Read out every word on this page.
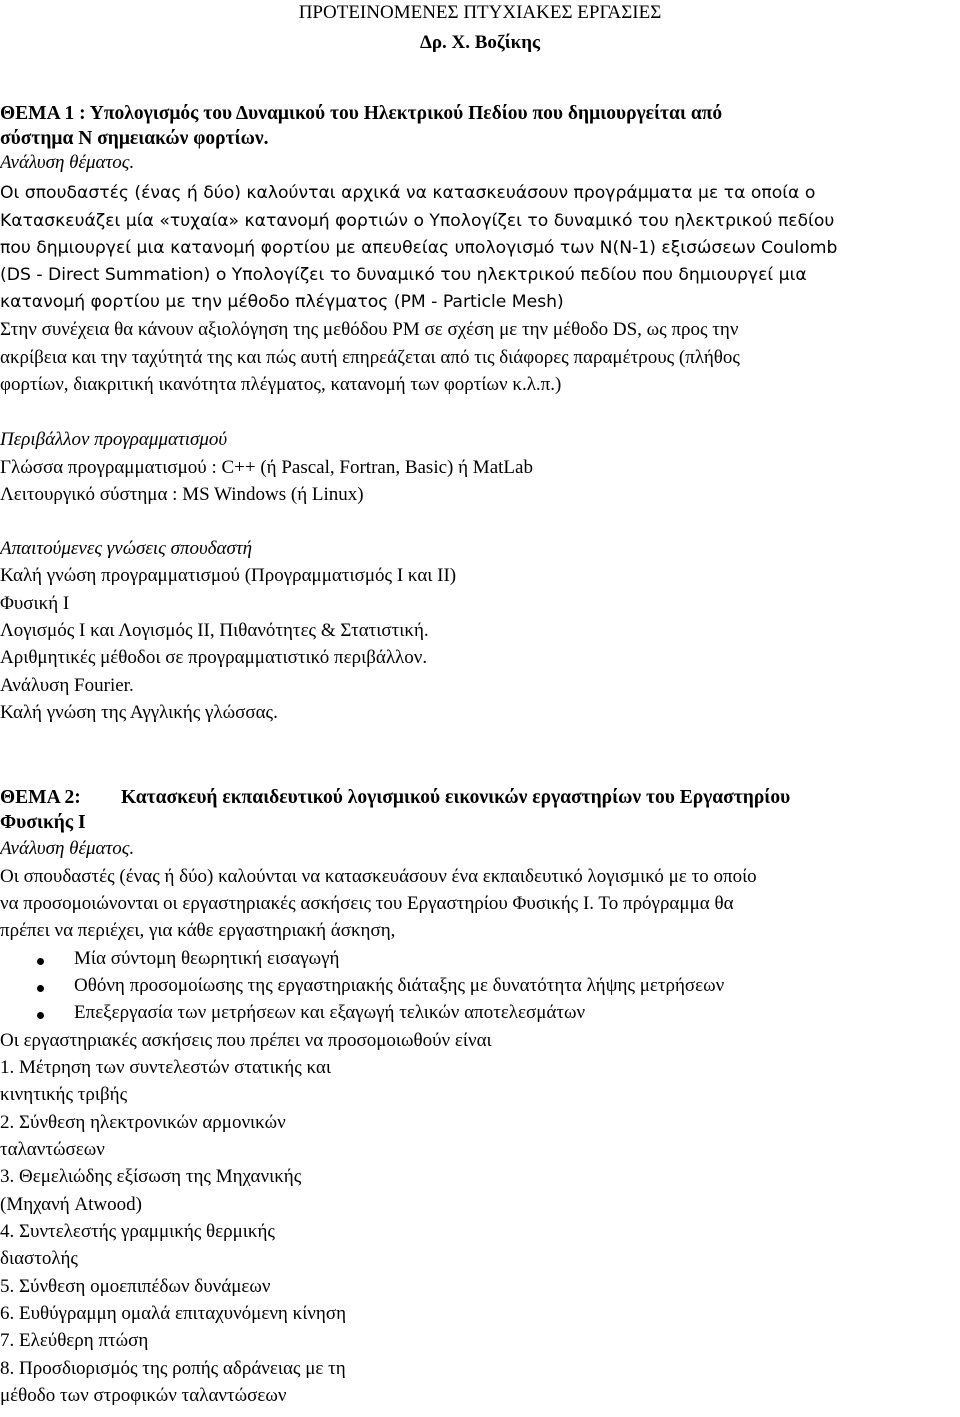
ΠΡΟΤΕΙΝΟΜΕΝΕΣ ΠΤΥΧΙΑΚΕΣ ΕΡΓΑΣΙΕΣ
Δρ. Χ. Βοζίκης
ΘΕΜΑ 1 : Υπολογισμός του Δυναμικού του Ηλεκτρικού Πεδίου που δημιουργείται από
σύστημα Ν σημειακών φορτίων.
Ανάλυση θέματος.
Οι σπουδαστές (ένας ή δύο) καλούνται αρχικά να κατασκευάσουν προγράμματα με τα οποία ο
Κατασκευάζει μία «τυχαία» κατανομή φορτιών ο Υπολογίζει το δυναμικό του ηλεκτρικού πεδίου
που δημιουργεί μια κατανομή φορτίου με απευθείας υπολογισμό των N(N-1) εξισώσεων Coulomb
(DS - Direct Summation) ο Υπολογίζει το δυναμικό του ηλεκτρικού πεδίου που δημιουργεί μια
κατανομή φορτίου με την μέθοδο πλέγματος (PM - Particle Mesh)
Στην συνέχεια θα κάνουν αξιολόγηση της μεθόδου PM σε σχέση με την μέθοδο DS, ως προς την
ακρίβεια και την ταχύτητά της και πώς αυτή επηρεάζεται από τις διάφορες παραμέτρους (πλήθος
φορτίων, διακριτική ικανότητα πλέγματος, κατανομή των φορτίων κ.λ.π.)
Περιβάλλον προγραμματισμού
Γλώσσα προγραμματισμού : C++ (ή Pascal, Fortran, Basic) ή MatLab
Λειτουργικό σύστημα : MS Windows (ή Linux)
Απαιτούμενες γνώσεις σπουδαστή
Καλή γνώση προγραμματισμού (Προγραμματισμός Ι και ΙΙ)
Φυσική Ι
Λογισμός Ι και Λογισμός ΙΙ, Πιθανότητες & Στατιστική.
Αριθμητικές μέθοδοι σε προγραμματιστικό περιβάλλον.
Ανάλυση Fourier.
Καλή γνώση της Αγγλικής γλώσσας.
ΘΕΜΑ 2: Κατασκευή εκπαιδευτικού λογισμικού εικονικών εργαστηρίων του Εργαστηρίου
Φυσικής Ι
Ανάλυση θέματος.
Οι σπουδαστές (ένας ή δύο) καλούνται να κατασκευάσουν ένα εκπαιδευτικό λογισμικό με το οποίο
να προσομοιώνονται οι εργαστηριακές ασκήσεις του Εργαστηρίου Φυσικής Ι. Το πρόγραμμα θα
πρέπει να περιέχει, για κάθε εργαστηριακή άσκηση,
Μία σύντομη θεωρητική εισαγωγή
Οθόνη προσομοίωσης της εργαστηριακής διάταξης με δυνατότητα λήψης μετρήσεων
Επεξεργασία των μετρήσεων και εξαγωγή τελικών αποτελεσμάτων
Οι εργαστηριακές ασκήσεις που πρέπει να προσομοιωθούν είναι
1. Μέτρηση των συντελεστών στατικής και
κινητικής τριβής
2. Σύνθεση ηλεκτρονικών αρμονικών
ταλαντώσεων
3. Θεμελιώδης εξίσωση της Μηχανικής
(Μηχανή Atwood)
4. Συντελεστής γραμμικής θερμικής
διαστολής
5. Σύνθεση ομοεπιπέδων δυνάμεων
6. Ευθύγραμμη ομαλά επιταχυνόμενη κίνηση
7. Ελεύθερη πτώση
8. Προσδιορισμός της ροπής αδράνειας με τη
μέθοδο των στροφικών ταλαντώσεων
